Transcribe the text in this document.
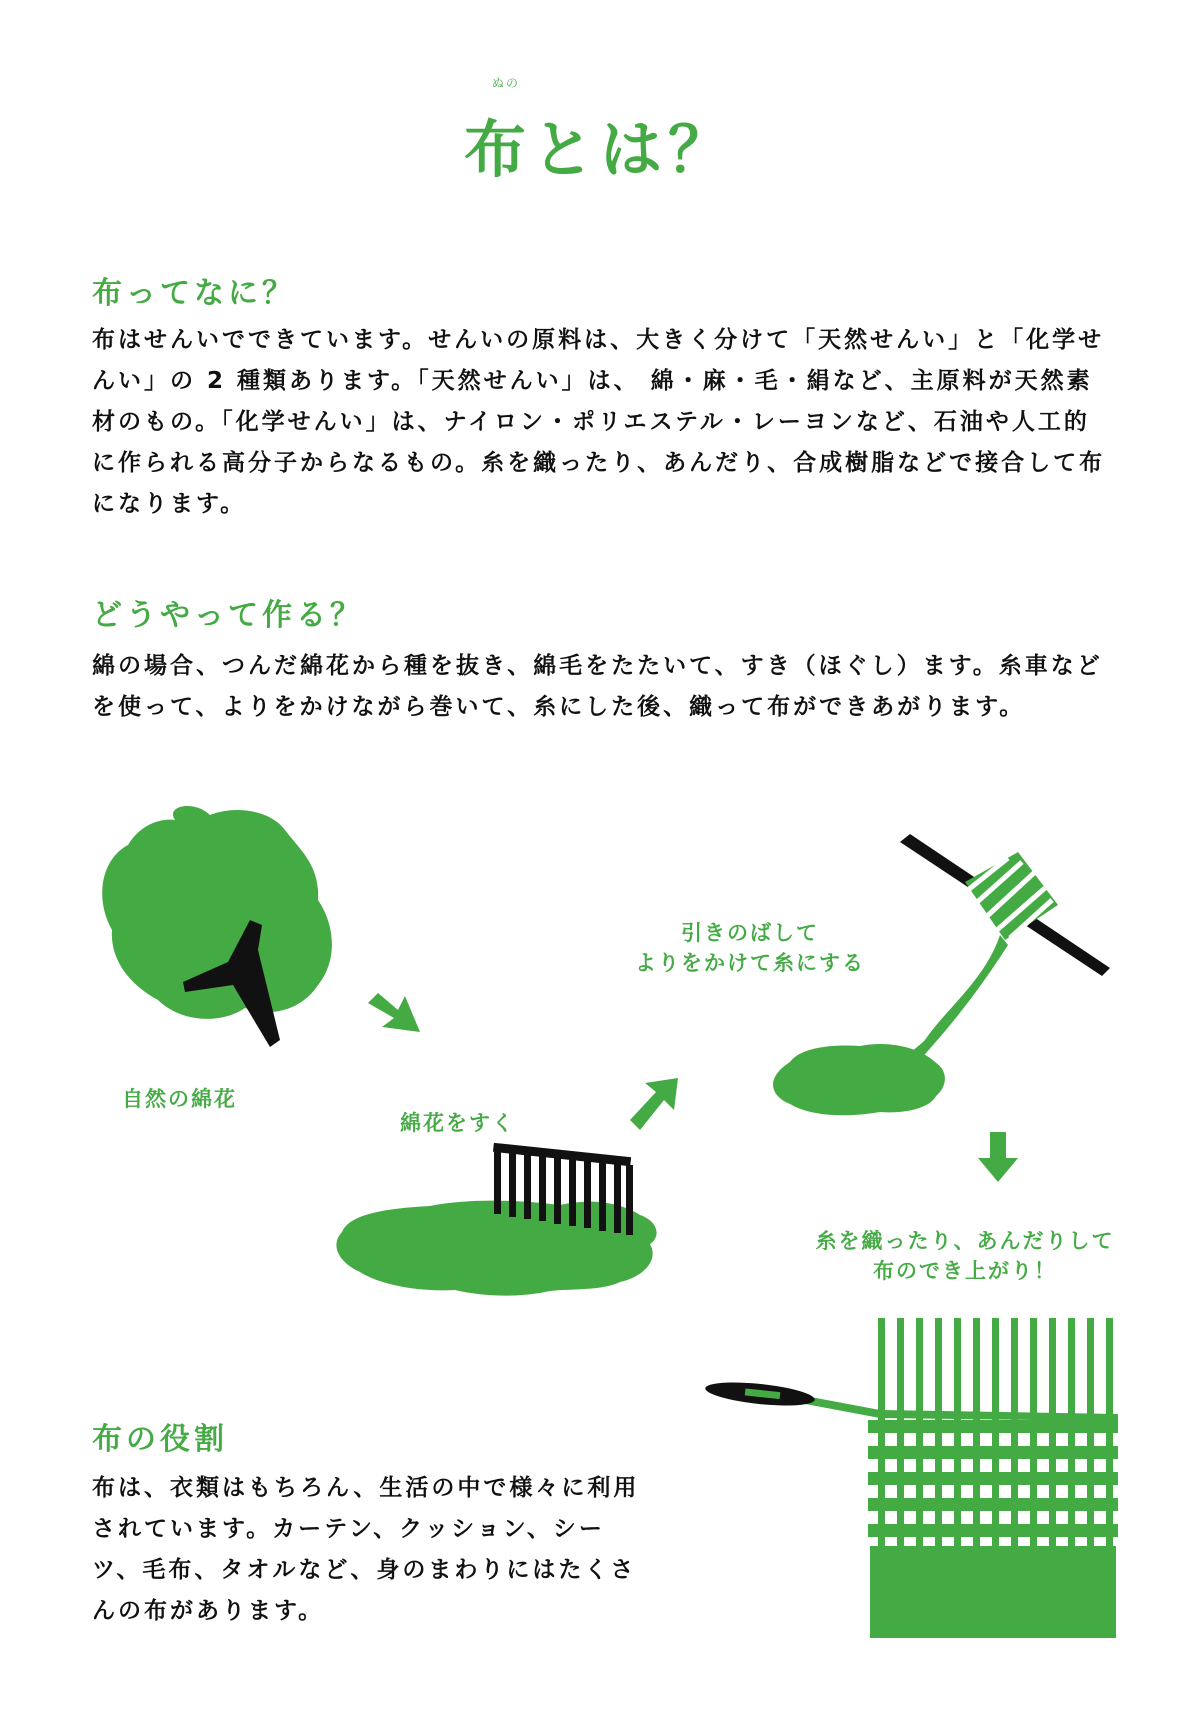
ぬの
布とは？
布ってなに？

布はせんいでできています。せんいの原料は、大きく分けて「天然せんい」と「化学せんい」の 2 種類あります。「天然せんい」は、 綿・麻・毛・絹など、主原料が天然素材のもの。「化学せんい」は、ナイロン・ポリエステル・レーヨンなど、石油や人工的に作られる高分子からなるもの。糸を織ったり、あんだり、合成樹脂などで接合して布になります。

どうやって作る？

綿の場合、つんだ綿花から種を抜き、綿毛をたたいて、すき（ほぐし）ます。糸車などを使って、よりをかけながら巻いて、糸にした後、織って布ができあがります。

自然の綿花

綿花をすく

引きのばして

よりをかけて糸にする

糸を織ったり、あんだりして

布のでき上がり！

布の役割

布は、衣類はもちろん、生活の中で様々に利用されています。カーテン、クッション、シーツ、毛布、タオルなど、身のまわりにはたくさんの布があります。
